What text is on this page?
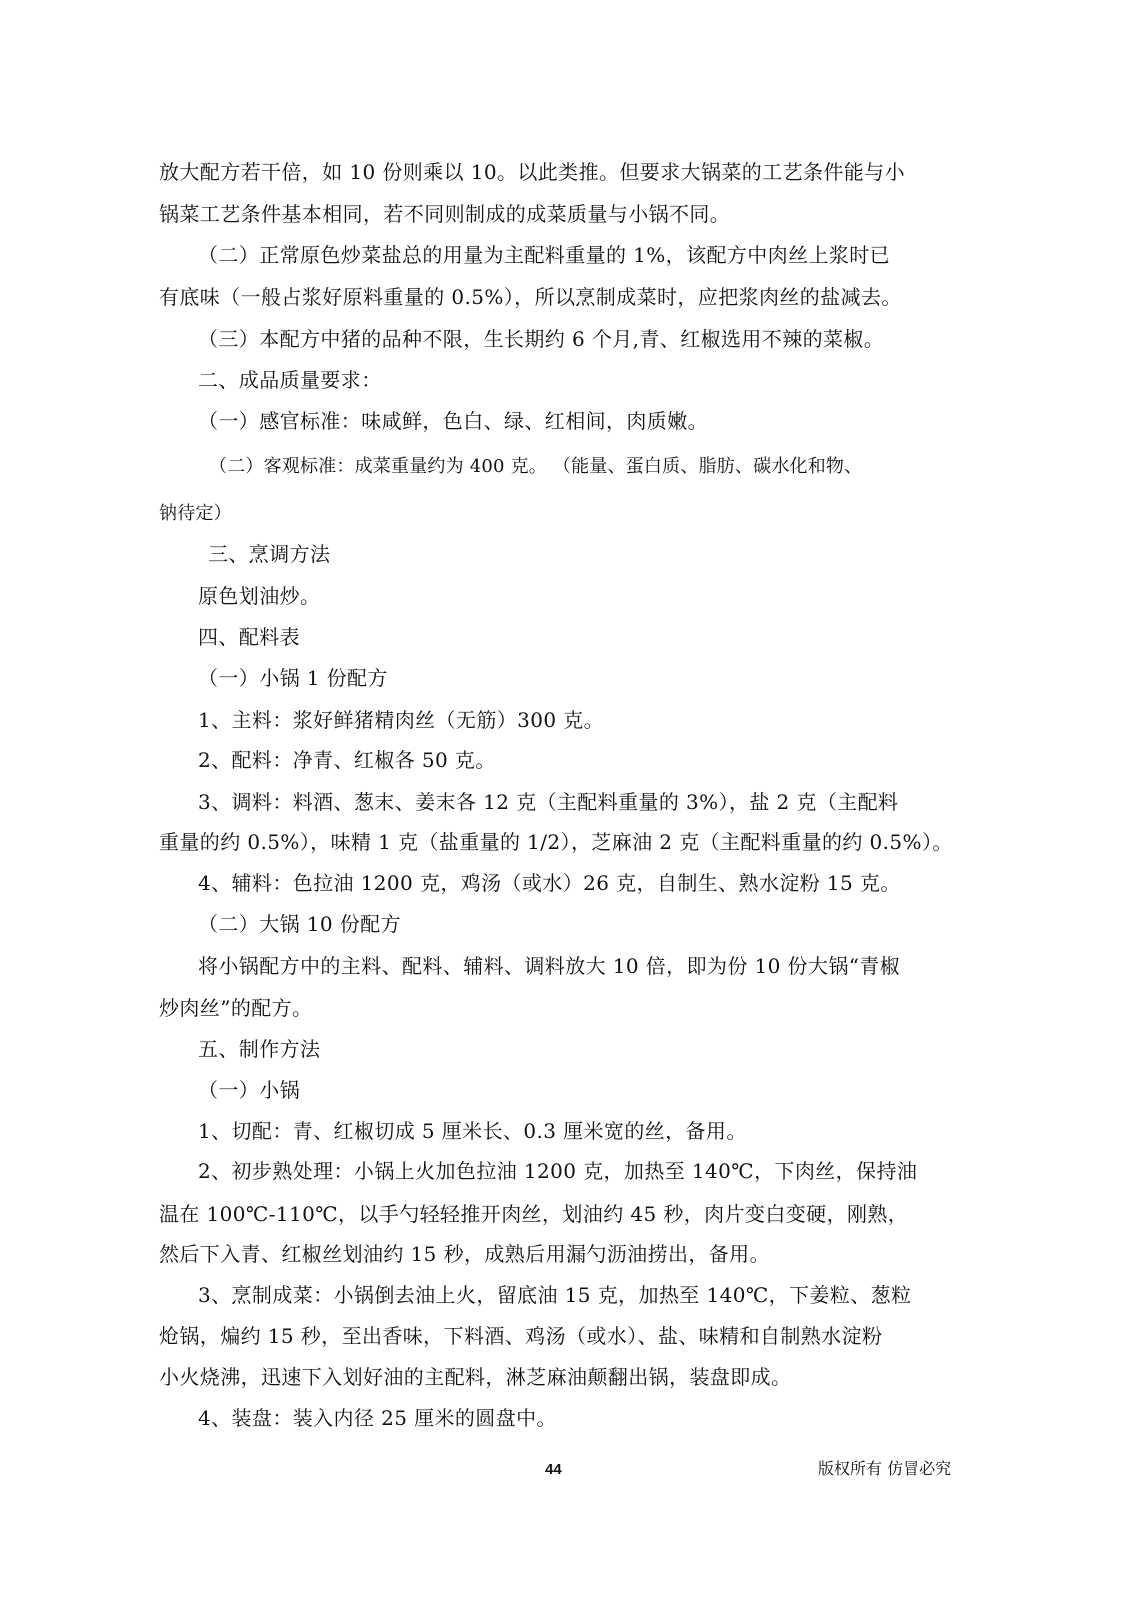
放大配方若干倍，如 10 份则乘以 10。以此类推。但要求大锅菜的工艺条件能与小
锅菜工艺条件基本相同，若不同则制成的成菜质量与小锅不同。
（二）正常原色炒菜盐总的用量为主配料重量的 1%，该配方中肉丝上浆时已
有底味（一般占浆好原料重量的 0.5%），所以烹制成菜时，应把浆肉丝的盐减去。
（三）本配方中猪的品种不限，生长期约 6 个月,青、红椒选用不辣的菜椒。
二、成品质量要求：
（一）感官标准：味咸鲜，色白、绿、红相间，肉质嫩。
（二）客观标准：成菜重量约为 400 克。 （能量、蛋白质、脂肪、碳水化和物、
钠待定）
三、烹调方法
原色划油炒。
四、配料表
（一）小锅 1 份配方
1、主料：浆好鲜猪精肉丝（无筋）300 克。
2、配料：净青、红椒各 50 克。
3、调料：料酒、葱末、姜末各 12 克（主配料重量的 3%），盐 2 克（主配料
重量的约 0.5%），味精 1 克（盐重量的 1/2），芝麻油 2 克（主配料重量的约 0.5%）。
4、辅料：色拉油 1200 克，鸡汤（或水）26 克，自制生、熟水淀粉 15 克。
（二）大锅 10 份配方
将小锅配方中的主料、配料、辅料、调料放大 10 倍，即为份 10 份大锅“青椒
炒肉丝”的配方。
五、制作方法
（一）小锅
1、切配：青、红椒切成 5 厘米长、0.3 厘米宽的丝，备用。
2、初步熟处理：小锅上火加色拉油 1200 克，加热至 140℃，下肉丝，保持油
温在 100℃-110℃，以手勺轻轻推开肉丝，划油约 45 秒，肉片变白变硬，刚熟，
然后下入青、红椒丝划油约 15 秒，成熟后用漏勺沥油捞出，备用。
3、烹制成菜：小锅倒去油上火，留底油 15 克，加热至 140℃，下姜粒、葱粒
炝锅，煸约 15 秒，至出香味，下料酒、鸡汤（或水）、盐、味精和自制熟水淀粉
小火烧沸，迅速下入划好油的主配料，淋芝麻油颠翻出锅，装盘即成。
4、装盘：装入内径 25 厘米的圆盘中。
44	版权所有 仿冒必究
